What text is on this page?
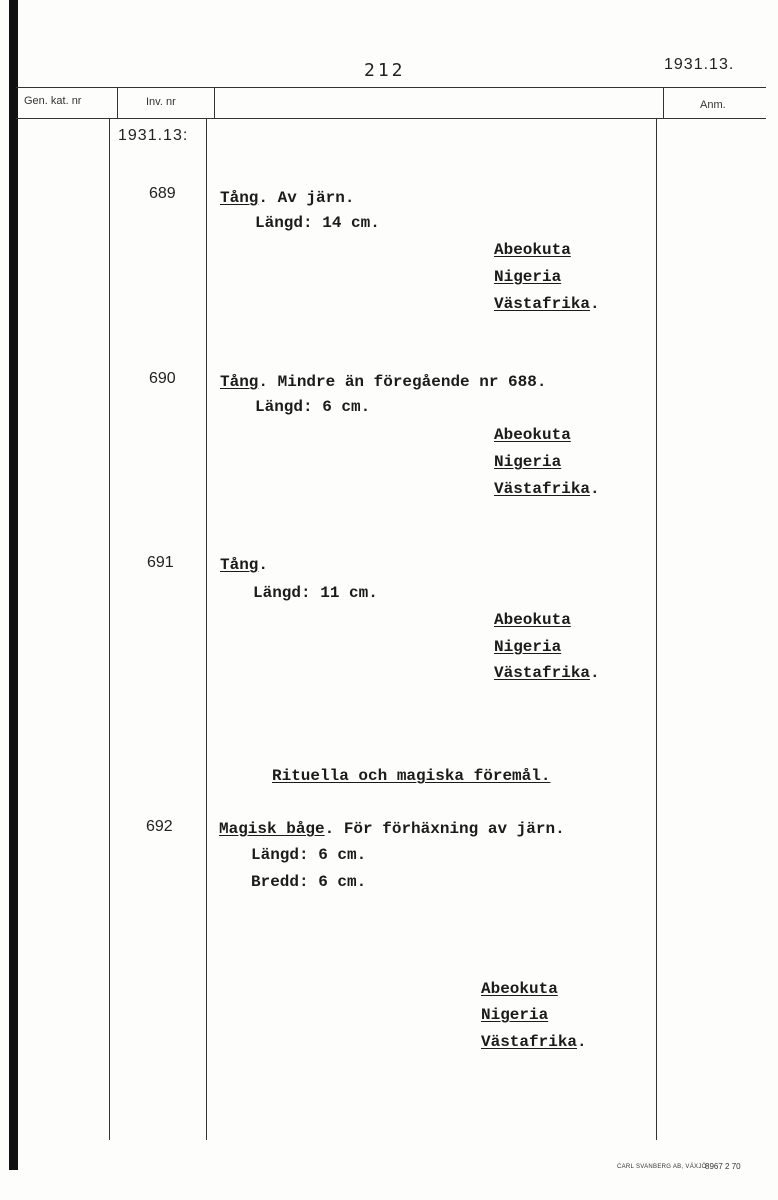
212	1931.13.
Gen. kat. nr	Inv. nr	Anm.
1931.13:
689	Tång. Av järn.
Längd: 14 cm.
Abeokuta
Nigeria
Västafrika.
690	Tång. Mindre än föregående nr 688.
Längd: 6 cm.
Abeokuta
Nigeria
Västafrika.
691	Tång.
Längd: 11 cm.
Abeokuta
Nigeria
Västafrika.
Rituella och magiska föremål.
692	Magisk båge. För förhäxning av järn.
Längd: 6 cm.
Bredd: 6 cm.
Abeokuta
Nigeria
Västafrika.
CARL SVANBERG AB, VÄXJÖ
8967 2 70
